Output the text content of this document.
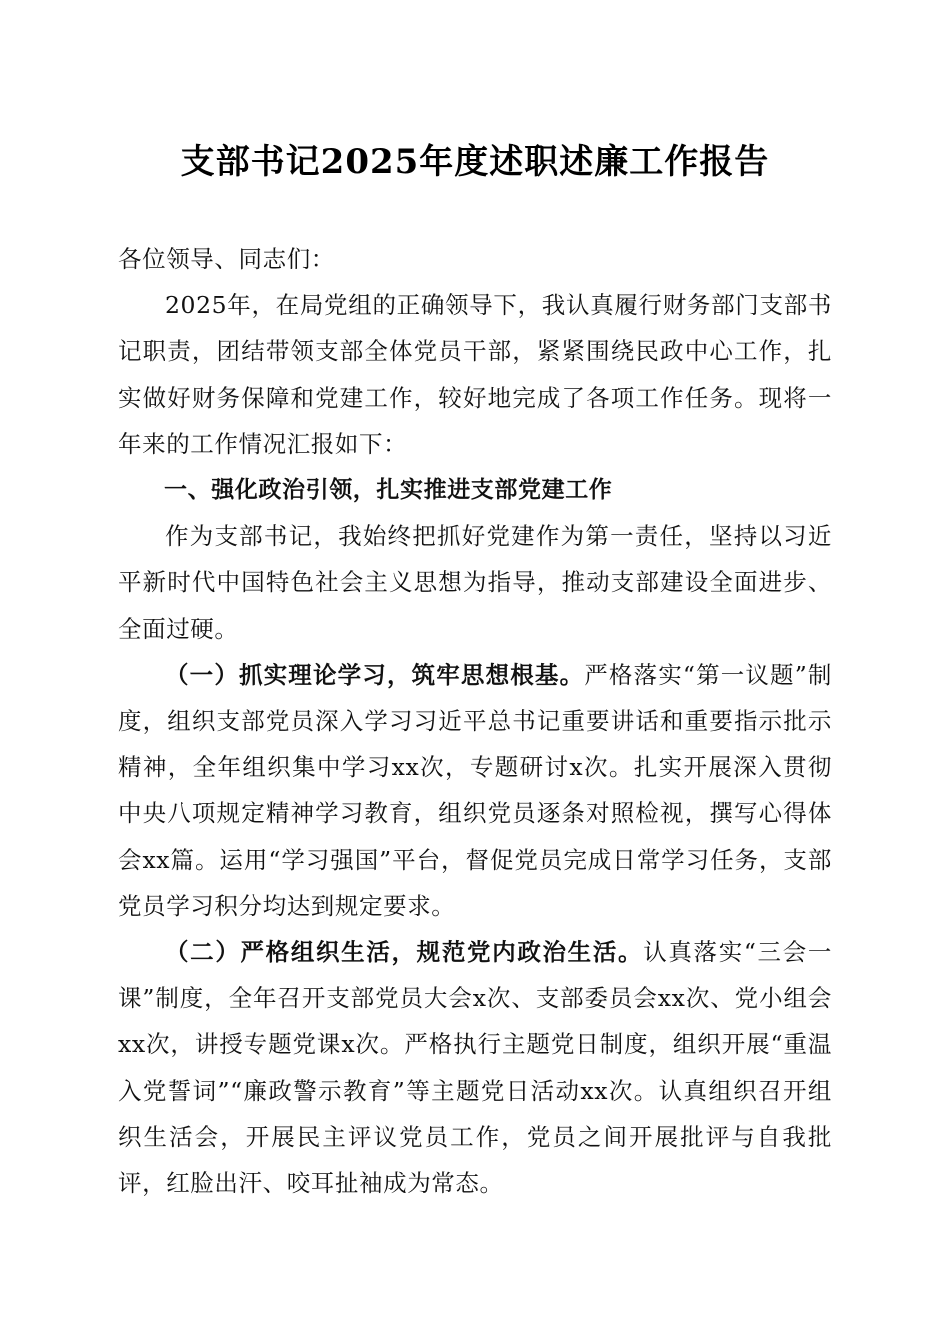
支部书记2025年度述职述廉工作报告

各位领导、同志们：

2025年，在局党组的正确领导下，我认真履行财务部门支部书记职责，团结带领支部全体党员干部，紧紧围绕民政中心工作，扎实做好财务保障和党建工作，较好地完成了各项工作任务。现将一年来的工作情况汇报如下：

一、强化政治引领，扎实推进支部党建工作

作为支部书记，我始终把抓好党建作为第一责任，坚持以习近平新时代中国特色社会主义思想为指导，推动支部建设全面进步、全面过硬。

（一）抓实理论学习，筑牢思想根基。严格落实“第一议题”制度，组织支部党员深入学习习近平总书记重要讲话和重要指示批示精神，全年组织集中学习xx次，专题研讨x次。扎实开展深入贯彻中央八项规定精神学习教育，组织党员逐条对照检视，撰写心得体会xx篇。运用“学习强国”平台，督促党员完成日常学习任务，支部党员学习积分均达到规定要求。

（二）严格组织生活，规范党内政治生活。认真落实“三会一课”制度，全年召开支部党员大会x次、支部委员会xx次、党小组会xx次，讲授专题党课x次。严格执行主题党日制度，组织开展“重温入党誓词”“廉政警示教育”等主题党日活动xx次。认真组织召开组织生活会，开展民主评议党员工作，党员之间开展批评与自我批评，红脸出汗、咬耳扯袖成为常态。
